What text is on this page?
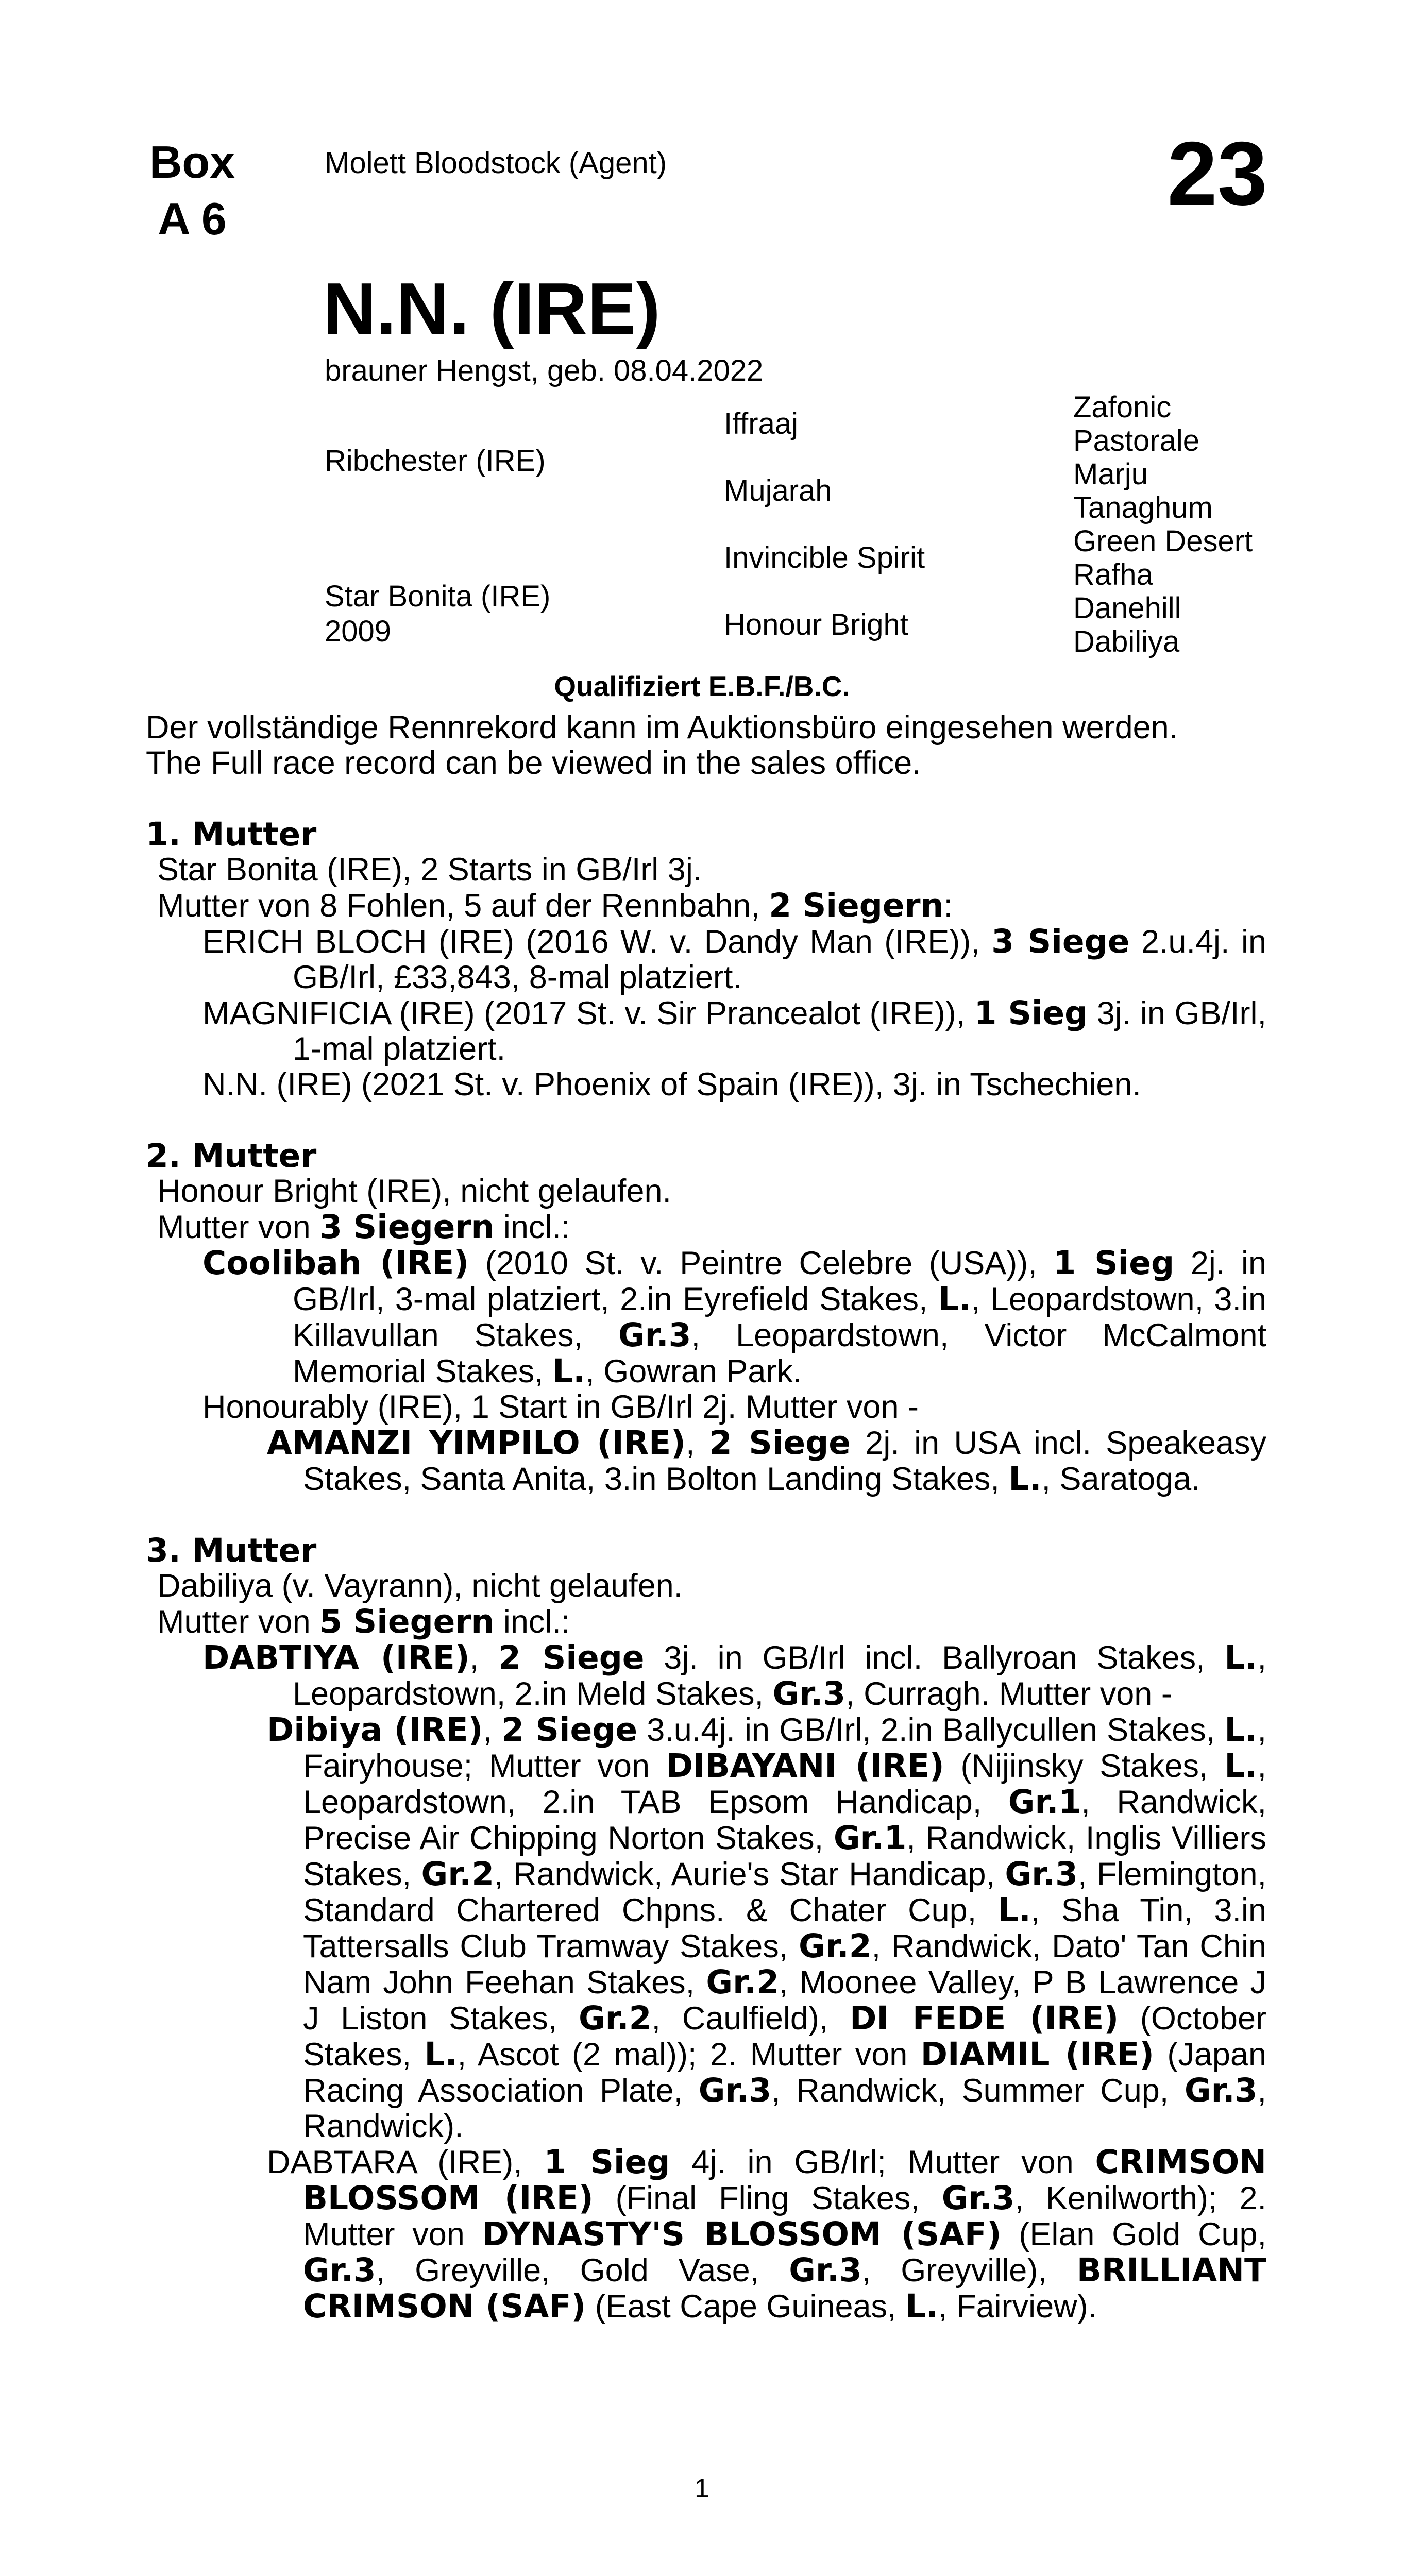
Box
A 6
Molett Bloodstock (Agent)	23
N.N. (IRE)
brauner Hengst, geb. 08.04.2022
Ribchester (IRE)
Star Bonita (IRE)
2009
Iffraaj
Mujarah
Invincible Spirit
Honour Bright
Zafonic
Pastorale
Marju
Tanaghum
Green Desert
Rafha
Danehill
Dabiliya
Qualifiziert E.B.F./B.C.

Der vollständige Rennrekord kann im Auktionsbüro eingesehen werden.

The Full race record can be viewed in the sales office.

1. Mutter

Star Bonita (IRE), 2 Starts in GB/Irl 3j.

Mutter von 8 Fohlen, 5 auf der Rennbahn, 2 Siegern:

ERICH BLOCH (IRE) (2016 W. v. Dandy Man (IRE)), 3 Siege 2.u.4j. in GB/Irl, £33,843, 8-mal platziert.

MAGNIFICIA (IRE) (2017 St. v. Sir Prancealot (IRE)), 1 Sieg 3j. in GB/Irl, 1-mal platziert.

N.N. (IRE) (2021 St. v. Phoenix of Spain (IRE)), 3j. in Tschechien.

2. Mutter

Honour Bright (IRE), nicht gelaufen.

Mutter von 3 Siegern incl.:

Coolibah (IRE) (2010 St. v. Peintre Celebre (USA)), 1 Sieg 2j. in GB/Irl, 3-mal platziert, 2.in Eyrefield Stakes, L., Leopardstown, 3.in Killavullan Stakes, Gr.3, Leopardstown, Victor McCalmont Memorial Stakes, L., Gowran Park.

Honourably (IRE), 1 Start in GB/Irl 2j. Mutter von -

AMANZI YIMPILO (IRE), 2 Siege 2j. in USA incl. Speakeasy Stakes, Santa Anita, 3.in Bolton Landing Stakes, L., Saratoga.

3. Mutter

Dabiliya (v. Vayrann), nicht gelaufen.

Mutter von 5 Siegern incl.:

DABTIYA (IRE), 2 Siege 3j. in GB/Irl incl. Ballyroan Stakes, L., Leopardstown, 2.in Meld Stakes, Gr.3, Curragh. Mutter von -

Dibiya (IRE), 2 Siege 3.u.4j. in GB/Irl, 2.in Ballycullen Stakes, L., Fairyhouse; Mutter von DIBAYANI (IRE) (Nijinsky Stakes, L., Leopardstown, 2.in TAB Epsom Handicap, Gr.1, Randwick, Precise Air Chipping Norton Stakes, Gr.1, Randwick, Inglis Villiers Stakes, Gr.2, Randwick, Aurie's Star Handicap, Gr.3, Flemington, Standard Chartered Chpns. & Chater Cup, L., Sha Tin, 3.in Tattersalls Club Tramway Stakes, Gr.2, Randwick, Dato' Tan Chin Nam John Feehan Stakes, Gr.2, Moonee Valley, P B Lawrence J J Liston Stakes, Gr.2, Caulfield), DI FEDE (IRE) (October Stakes, L., Ascot (2 mal)); 2. Mutter von DIAMIL (IRE) (Japan Racing Association Plate, Gr.3, Randwick, Summer Cup, Gr.3, Randwick).

DABTARA (IRE), 1 Sieg 4j. in GB/Irl; Mutter von CRIMSON BLOSSOM (IRE) (Final Fling Stakes, Gr.3, Kenilworth); 2. Mutter von DYNASTY'S BLOSSOM (SAF) (Elan Gold Cup, Gr.3, Greyville, Gold Vase, Gr.3, Greyville), BRILLIANT CRIMSON (SAF) (East Cape Guineas, L., Fairview).

1
